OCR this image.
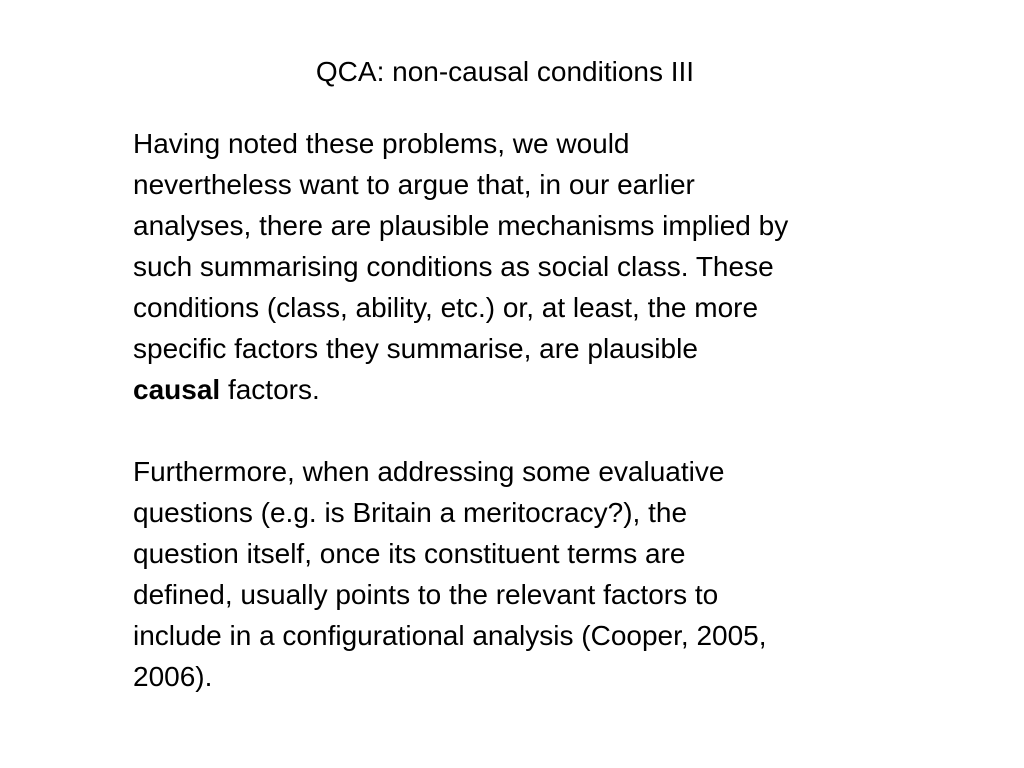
QCA: non-causal conditions III

Having noted these problems, we would
nevertheless want to argue that, in our earlier
analyses, there are plausible mechanisms implied by
such summarising conditions as social class. These
conditions (class, ability, etc.) or, at least, the more
specific factors they summarise, are plausible
causal factors.

Furthermore, when addressing some evaluative
questions (e.g. is Britain a meritocracy?), the
question itself, once its constituent terms are
defined, usually points to the relevant factors to
include in a configurational analysis (Cooper, 2005,
2006).
